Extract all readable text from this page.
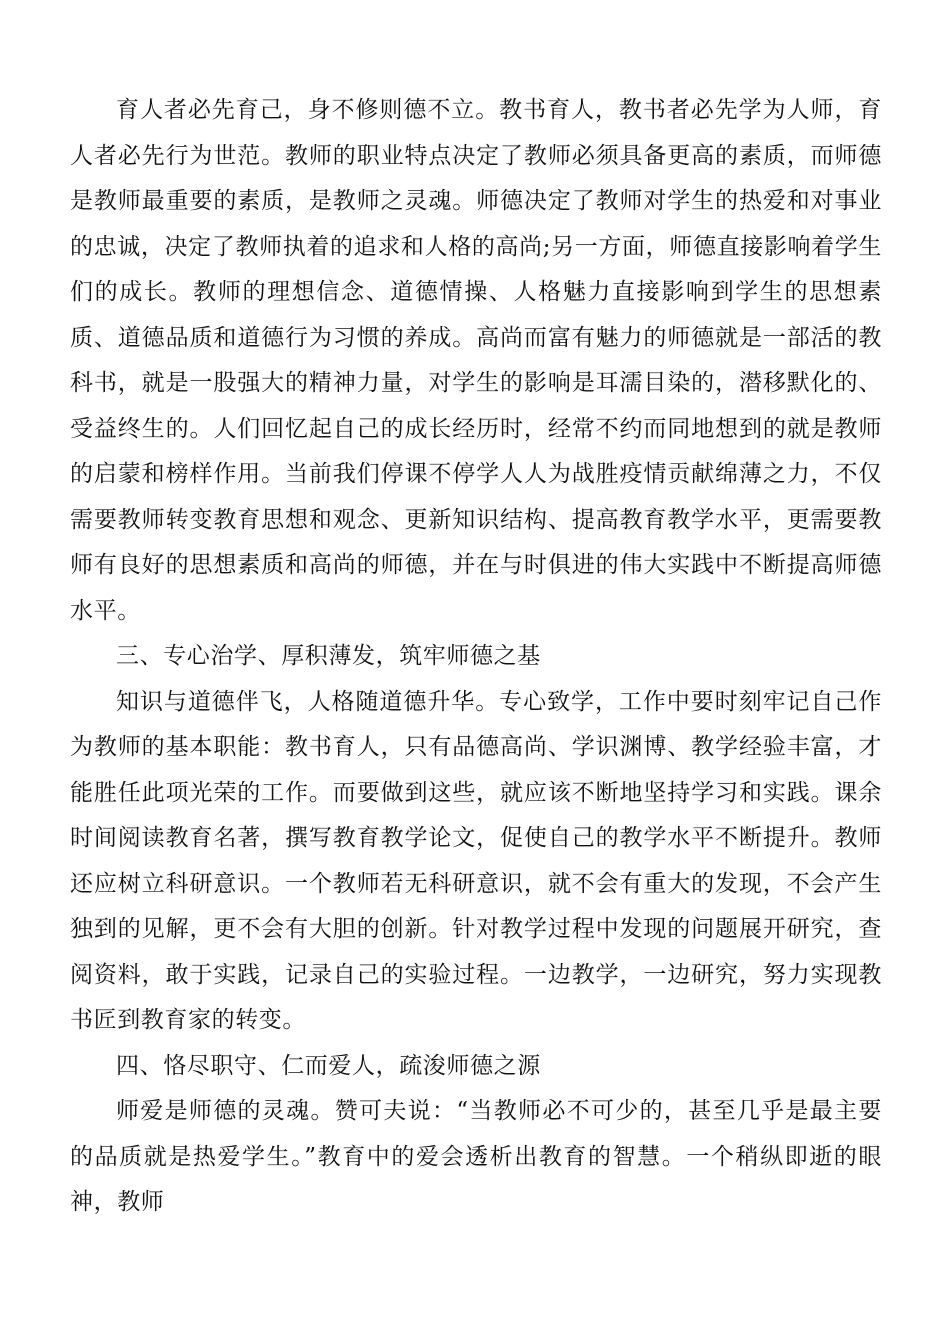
育人者必先育己，身不修则德不立。教书育人，教书者必先学为人师，育人者必先行为世范。教师的职业特点决定了教师必须具备更高的素质，而师德是教师最重要的素质，是教师之灵魂。师德决定了教师对学生的热爱和对事业的忠诚，决定了教师执着的追求和人格的高尚;另一方面，师德直接影响着学生们的成长。教师的理想信念、道德情操、人格魅力直接影响到学生的思想素质、道德品质和道德行为习惯的养成。高尚而富有魅力的师德就是一部活的教科书，就是一股强大的精神力量，对学生的影响是耳濡目染的，潜移默化的、受益终生的。人们回忆起自己的成长经历时，经常不约而同地想到的就是教师的启蒙和榜样作用。当前我们停课不停学人人为战胜疫情贡献绵薄之力，不仅需要教师转变教育思想和观念、更新知识结构、提高教育教学水平，更需要教师有良好的思想素质和高尚的师德，并在与时俱进的伟大实践中不断提高师德水平。

三、专心治学、厚积薄发，筑牢师德之基

知识与道德伴飞，人格随道德升华。专心致学，工作中要时刻牢记自己作为教师的基本职能：教书育人，只有品德高尚、学识渊博、教学经验丰富，才能胜任此项光荣的工作。而要做到这些，就应该不断地坚持学习和实践。课余时间阅读教育名著，撰写教育教学论文，促使自己的教学水平不断提升。教师还应树立科研意识。一个教师若无科研意识，就不会有重大的发现，不会产生独到的见解，更不会有大胆的创新。针对教学过程中发现的问题展开研究，查阅资料，敢于实践，记录自己的实验过程。一边教学，一边研究，努力实现教书匠到教育家的转变。

四、恪尽职守、仁而爱人，疏浚师德之源

师爱是师德的灵魂。赞可夫说：“当教师必不可少的，甚至几乎是最主要的品质就是热爱学生。”教育中的爱会透析出教育的智慧。一个稍纵即逝的眼神，教师
